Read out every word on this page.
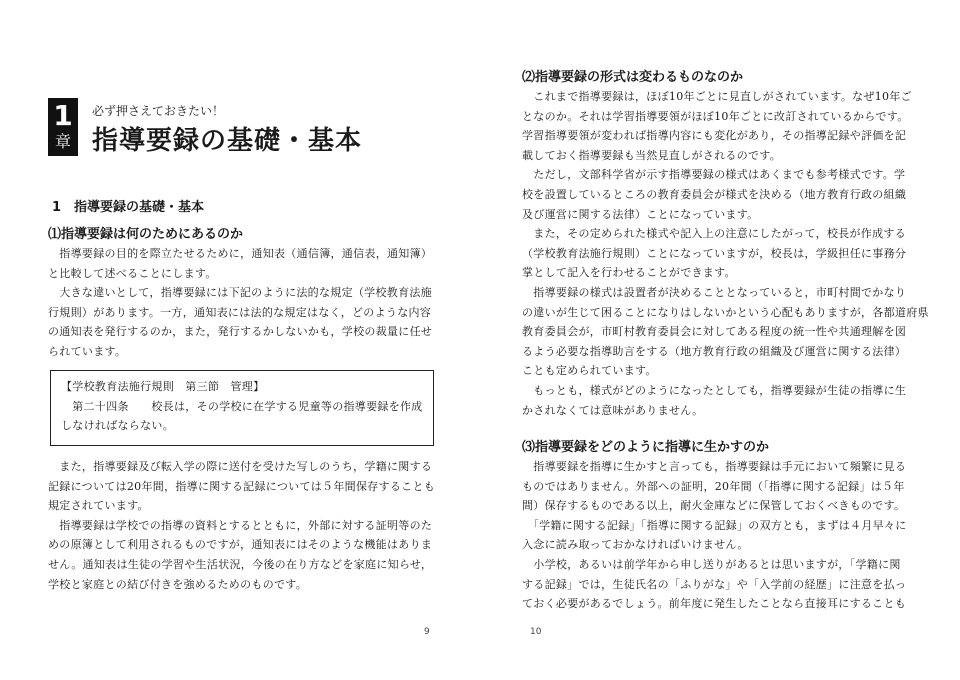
1
章
必ず押さえておきたい！
指導要録の基礎・基本
1　指導要録の基礎・基本
⑴指導要録は何のためにあるのか
　指導要録の目的を際立たせるために，通知表（通信簿，通信表，通知簿）
と比較して述べることにします。
　大きな違いとして，指導要録には下記のように法的な規定（学校教育法施
行規則）があります。一方，通知表には法的な規定はなく，どのような内容
の通知表を発行するのか，また，発行するかしないかも，学校の裁量に任せ
られています。
【学校教育法施行規則　第三節　管理】
　第二十四条　　校長は，その学校に在学する児童等の指導要録を作成
しなければならない。
　また，指導要録及び転入学の際に送付を受けた写しのうち，学籍に関する
記録については20年間，指導に関する記録については５年間保存することも
規定されています。
　指導要録は学校での指導の資料とするとともに，外部に対する証明等のた
めの原簿として利用されるものですが，通知表にはそのような機能はありま
せん。通知表は生徒の学習や生活状況，今後の在り方などを家庭に知らせ，
学校と家庭との結び付きを強めるためのものです。
9
⑵指導要録の形式は変わるものなのか
　これまで指導要録は，ほぼ10年ごとに見直しがされています。なぜ10年ご
となのか。それは学習指導要領がほぼ10年ごとに改訂されているからです。
学習指導要領が変われば指導内容にも変化があり，その指導記録や評価を記
載しておく指導要録も当然見直しがされるのです。
　ただし，文部科学省が示す指導要録の様式はあくまでも参考様式です。学
校を設置しているところの教育委員会が様式を決める（地方教育行政の組織
及び運営に関する法律）ことになっています。
　また，その定められた様式や記入上の注意にしたがって，校長が作成する
（学校教育法施行規則）ことになっていますが，校長は，学級担任に事務分
掌として記入を行わせることができます。
　指導要録の様式は設置者が決めることとなっていると，市町村間でかなり
の違いが生じて困ることになりはしないかという心配もありますが，各都道府県
教育委員会が，市町村教育委員会に対してある程度の統一性や共通理解を図
るよう必要な指導助言をする（地方教育行政の組織及び運営に関する法律）
ことも定められています。
　もっとも，様式がどのようになったとしても，指導要録が生徒の指導に生
かされなくては意味がありません。
⑶指導要録をどのように指導に生かすのか
　指導要録を指導に生かすと言っても，指導要録は手元において頻繁に見る
ものではありません。外部への証明，20年間（「指導に関する記録」は５年
間）保存するものである以上，耐火金庫などに保管しておくべきものです。
　「学籍に関する記録」「指導に関する記録」の双方とも，まずは４月早々に
入念に読み取っておかなければいけません。
　小学校，あるいは前学年から申し送りがあるとは思いますが，「学籍に関
する記録」では，生徒氏名の「ふりがな」や「入学前の経歴」に注意を払っ
ておく必要があるでしょう。前年度に発生したことなら直接耳にすることも
10
